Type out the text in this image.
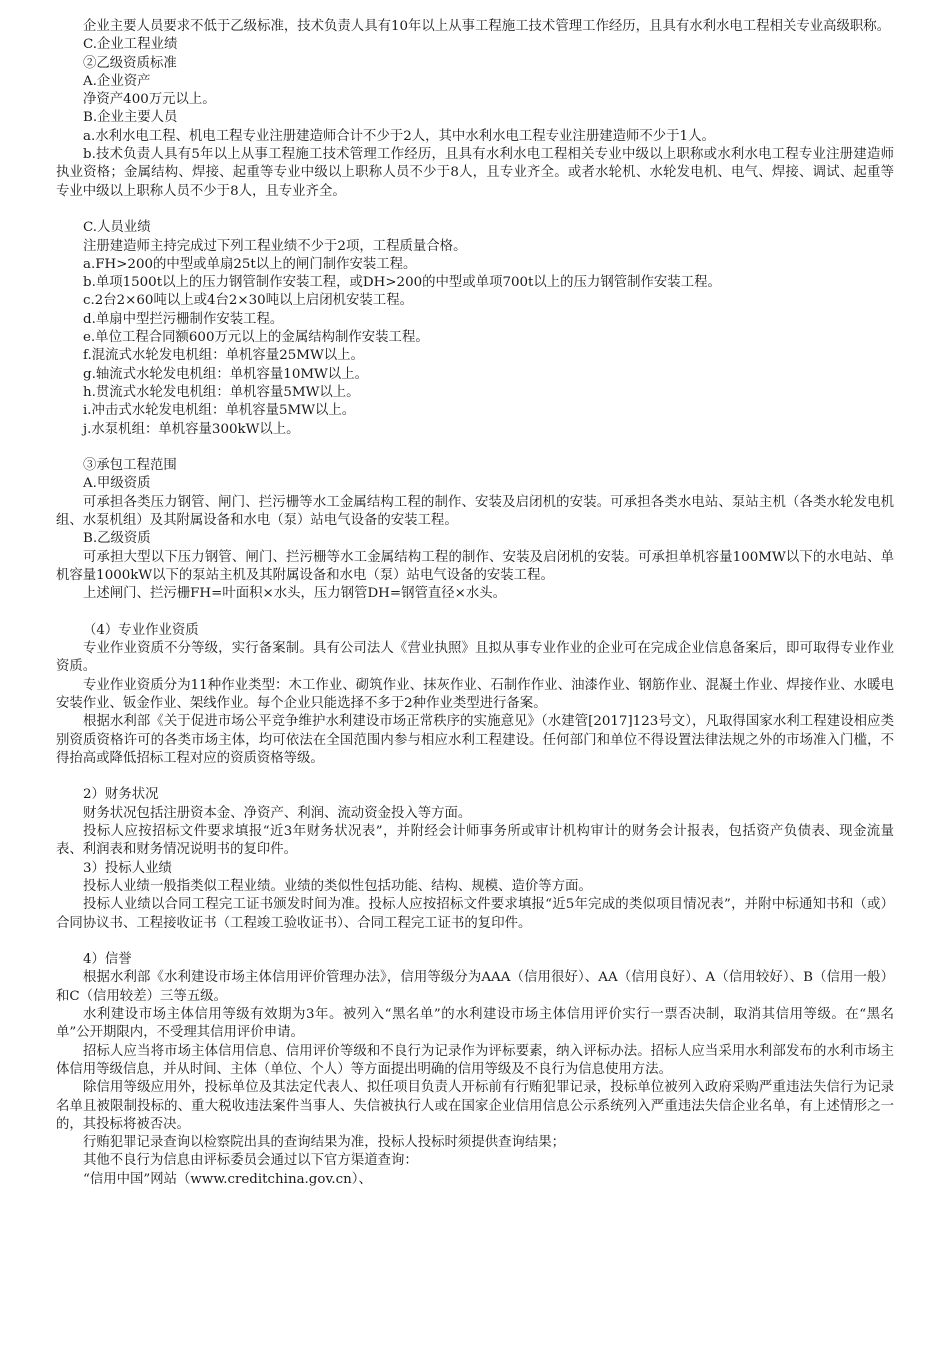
企业主要人员要求不低于乙级标准，技术负责人具有10年以上从事工程施工技术管理工作经历，且具有水利水电工程相关专业高级职称。

C.企业工程业绩

②乙级资质标准

A.企业资产

净资产400万元以上。

B.企业主要人员

a.水利水电工程、机电工程专业注册建造师合计不少于2人，其中水利水电工程专业注册建造师不少于1人。

b.技术负责人具有5年以上从事工程施工技术管理工作经历，且具有水利水电工程相关专业中级以上职称或水利水电工程专业注册建造师执业资格；金属结构、焊接、起重等专业中级以上职称人员不少于8人，且专业齐全。或者水轮机、水轮发电机、电气、焊接、调试、起重等专业中级以上职称人员不少于8人，且专业齐全。

C.人员业绩

注册建造师主持完成过下列工程业绩不少于2项，工程质量合格。

a.FH>200的中型或单扇25t以上的闸门制作安装工程。

b.单项1500t以上的压力钢管制作安装工程，或DH>200的中型或单项700t以上的压力钢管制作安装工程。

c.2台2×60吨以上或4台2×30吨以上启闭机安装工程。

d.单扇中型拦污栅制作安装工程。

e.单位工程合同额600万元以上的金属结构制作安装工程。

f.混流式水轮发电机组：单机容量25MW以上。

g.轴流式水轮发电机组：单机容量10MW以上。

h.贯流式水轮发电机组：单机容量5MW以上。

i.冲击式水轮发电机组：单机容量5MW以上。

j.水泵机组：单机容量300kW以上。

③承包工程范围

A.甲级资质

可承担各类压力钢管、闸门、拦污栅等水工金属结构工程的制作、安装及启闭机的安装。可承担各类水电站、泵站主机（各类水轮发电机组、水泵机组）及其附属设备和水电（泵）站电气设备的安装工程。

B.乙级资质

可承担大型以下压力钢管、闸门、拦污栅等水工金属结构工程的制作、安装及启闭机的安装。可承担单机容量100MW以下的水电站、单机容量1000kW以下的泵站主机及其附属设备和水电（泵）站电气设备的安装工程。

上述闸门、拦污栅FH=叶面积×水头，压力钢管DH=钢管直径×水头。

（4）专业作业资质

专业作业资质不分等级，实行备案制。具有公司法人《营业执照》且拟从事专业作业的企业可在完成企业信息备案后，即可取得专业作业资质。

专业作业资质分为11种作业类型：木工作业、砌筑作业、抹灰作业、石制作作业、油漆作业、钢筋作业、混凝土作业、焊接作业、水暖电安装作业、钣金作业、架线作业。每个企业只能选择不多于2种作业类型进行备案。

根据水利部《关于促进市场公平竞争维护水利建设市场正常秩序的实施意见》（水建管[2017]123号文），凡取得国家水利工程建设相应类别资质资格许可的各类市场主体，均可依法在全国范围内参与相应水利工程建设。任何部门和单位不得设置法律法规之外的市场准入门槛，不得抬高或降低招标工程对应的资质资格等级。

2）财务状况

财务状况包括注册资本金、净资产、利润、流动资金投入等方面。

投标人应按招标文件要求填报“近3年财务状况表”，并附经会计师事务所或审计机构审计的财务会计报表，包括资产负债表、现金流量表、利润表和财务情况说明书的复印件。

3）投标人业绩

投标人业绩一般指类似工程业绩。业绩的类似性包括功能、结构、规模、造价等方面。

投标人业绩以合同工程完工证书颁发时间为准。投标人应按招标文件要求填报“近5年完成的类似项目情况表”，并附中标通知书和（或）合同协议书、工程接收证书（工程竣工验收证书）、合同工程完工证书的复印件。

4）信誉

根据水利部《水利建设市场主体信用评价管理办法》，信用等级分为AAA（信用很好）、AA（信用良好）、A（信用较好）、B（信用一般）和C（信用较差）三等五级。

水利建设市场主体信用等级有效期为3年。被列入“黑名单”的水利建设市场主体信用评价实行一票否决制，取消其信用等级。在“黑名单”公开期限内，不受理其信用评价申请。

招标人应当将市场主体信用信息、信用评价等级和不良行为记录作为评标要素，纳入评标办法。招标人应当采用水利部发布的水利市场主体信用等级信息，并从时间、主体（单位、个人）等方面提出明确的信用等级及不良行为信息使用方法。

除信用等级应用外，投标单位及其法定代表人、拟任项目负责人开标前有行贿犯罪记录，投标单位被列入政府采购严重违法失信行为记录名单且被限制投标的、重大税收违法案件当事人、失信被执行人或在国家企业信用信息公示系统列入严重违法失信企业名单，有上述情形之一的，其投标将被否决。

行贿犯罪记录查询以检察院出具的查询结果为准，投标人投标时须提供查询结果；

其他不良行为信息由评标委员会通过以下官方渠道查询：

“信用中国”网站（www.creditchina.gov.cn）、
